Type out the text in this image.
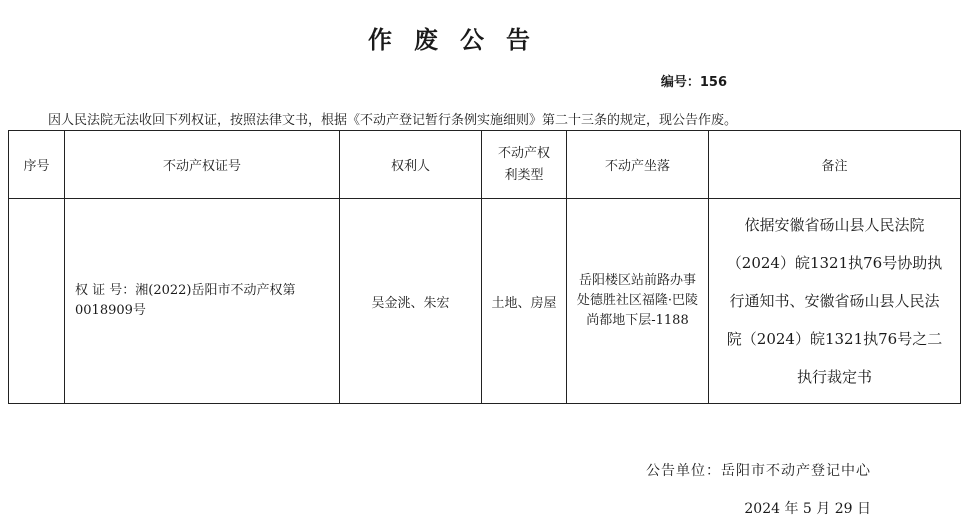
作废公告
编号：156
因人民法院无法收回下列权证，按照法律文书，根据《不动产登记暂行条例实施细则》第二十三条的规定，现公告作废。
序号	不动产权证号	权利人	不动产权利类型	不动产坐落	备注
	权 证 号：湘(2022)岳阳市不动产权第0018909号	吴金洮、朱宏	土地、房屋	岳阳楼区站前路办事处德胜社区福隆·巴陵尚都地下层-1188	依据安徽省砀山县人民法院（2024）皖1321执76号协助执行通知书、安徽省砀山县人民法院（2024）皖1321执76号之二执行裁定书
公告单位：岳阳市不动产登记中心
2024 年 5 月 29 日
